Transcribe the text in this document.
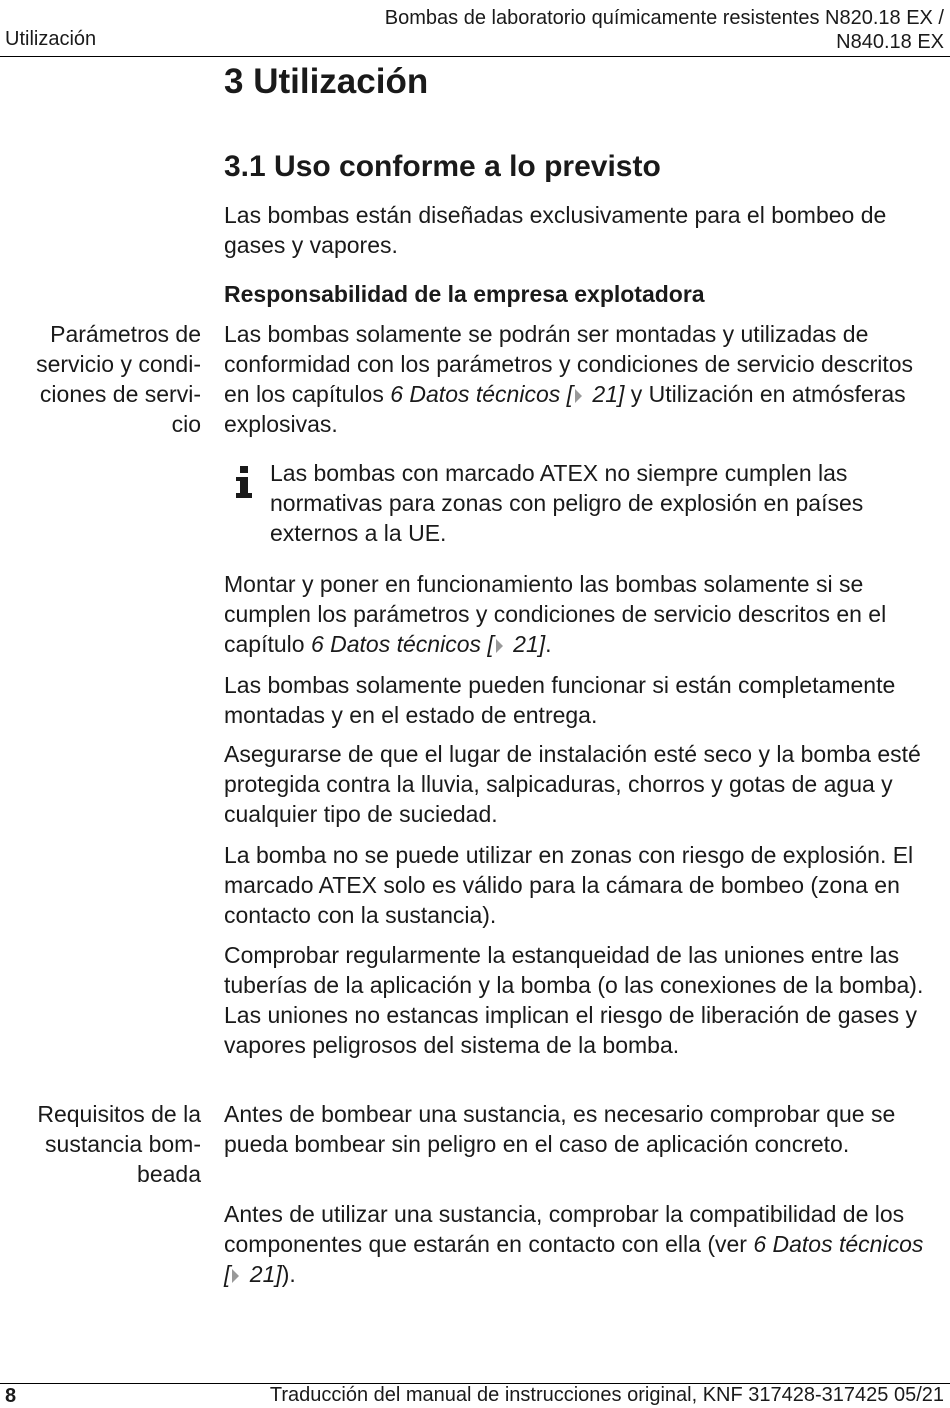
Utilización
Bombas de laboratorio químicamente resistentes N820.18 EX /
N840.18 EX
3 Utilización
3.1 Uso conforme a lo previsto

Las bombas están diseñadas exclusivamente para el bombeo de gases y vapores.

Responsabilidad de la empresa explotadora

Parámetros de
servicio y condi-
ciones de servi-
cio

Las bombas solamente se podrán ser montadas y utilizadas de conformidad con los parámetros y condiciones de servicio descritos en los capítulos 6 Datos técnicos [ 21] y Utilización en atmósferas explosivas.

Las bombas con marcado ATEX no siempre cumplen las normativas para zonas con peligro de explosión en países externos a la UE.

Montar y poner en funcionamiento las bombas solamente si se cumplen los parámetros y condiciones de servicio descritos en el capítulo 6 Datos técnicos [ 21].

Las bombas solamente pueden funcionar si están completamente montadas y en el estado de entrega.

Asegurarse de que el lugar de instalación esté seco y la bomba esté protegida contra la lluvia, salpicaduras, chorros y gotas de agua y cualquier tipo de suciedad.

La bomba no se puede utilizar en zonas con riesgo de explosión. El marcado ATEX solo es válido para la cámara de bombeo (zona en contacto con la sustancia).

Comprobar regularmente la estanqueidad de las uniones entre las tuberías de la aplicación y la bomba (o las conexiones de la bomba). Las uniones no estancas implican el riesgo de liberación de gases y vapores peligrosos del sistema de la bomba.

Requisitos de la
sustancia bom-
beada

Antes de bombear una sustancia, es necesario comprobar que se pueda bombear sin peligro en el caso de aplicación concreto.

Antes de utilizar una sustancia, comprobar la compatibilidad de los componentes que estarán en contacto con ella (ver 6 Datos técnicos [ 21]).

8	Traducción del manual de instrucciones original, KNF 317428-317425 05/21
